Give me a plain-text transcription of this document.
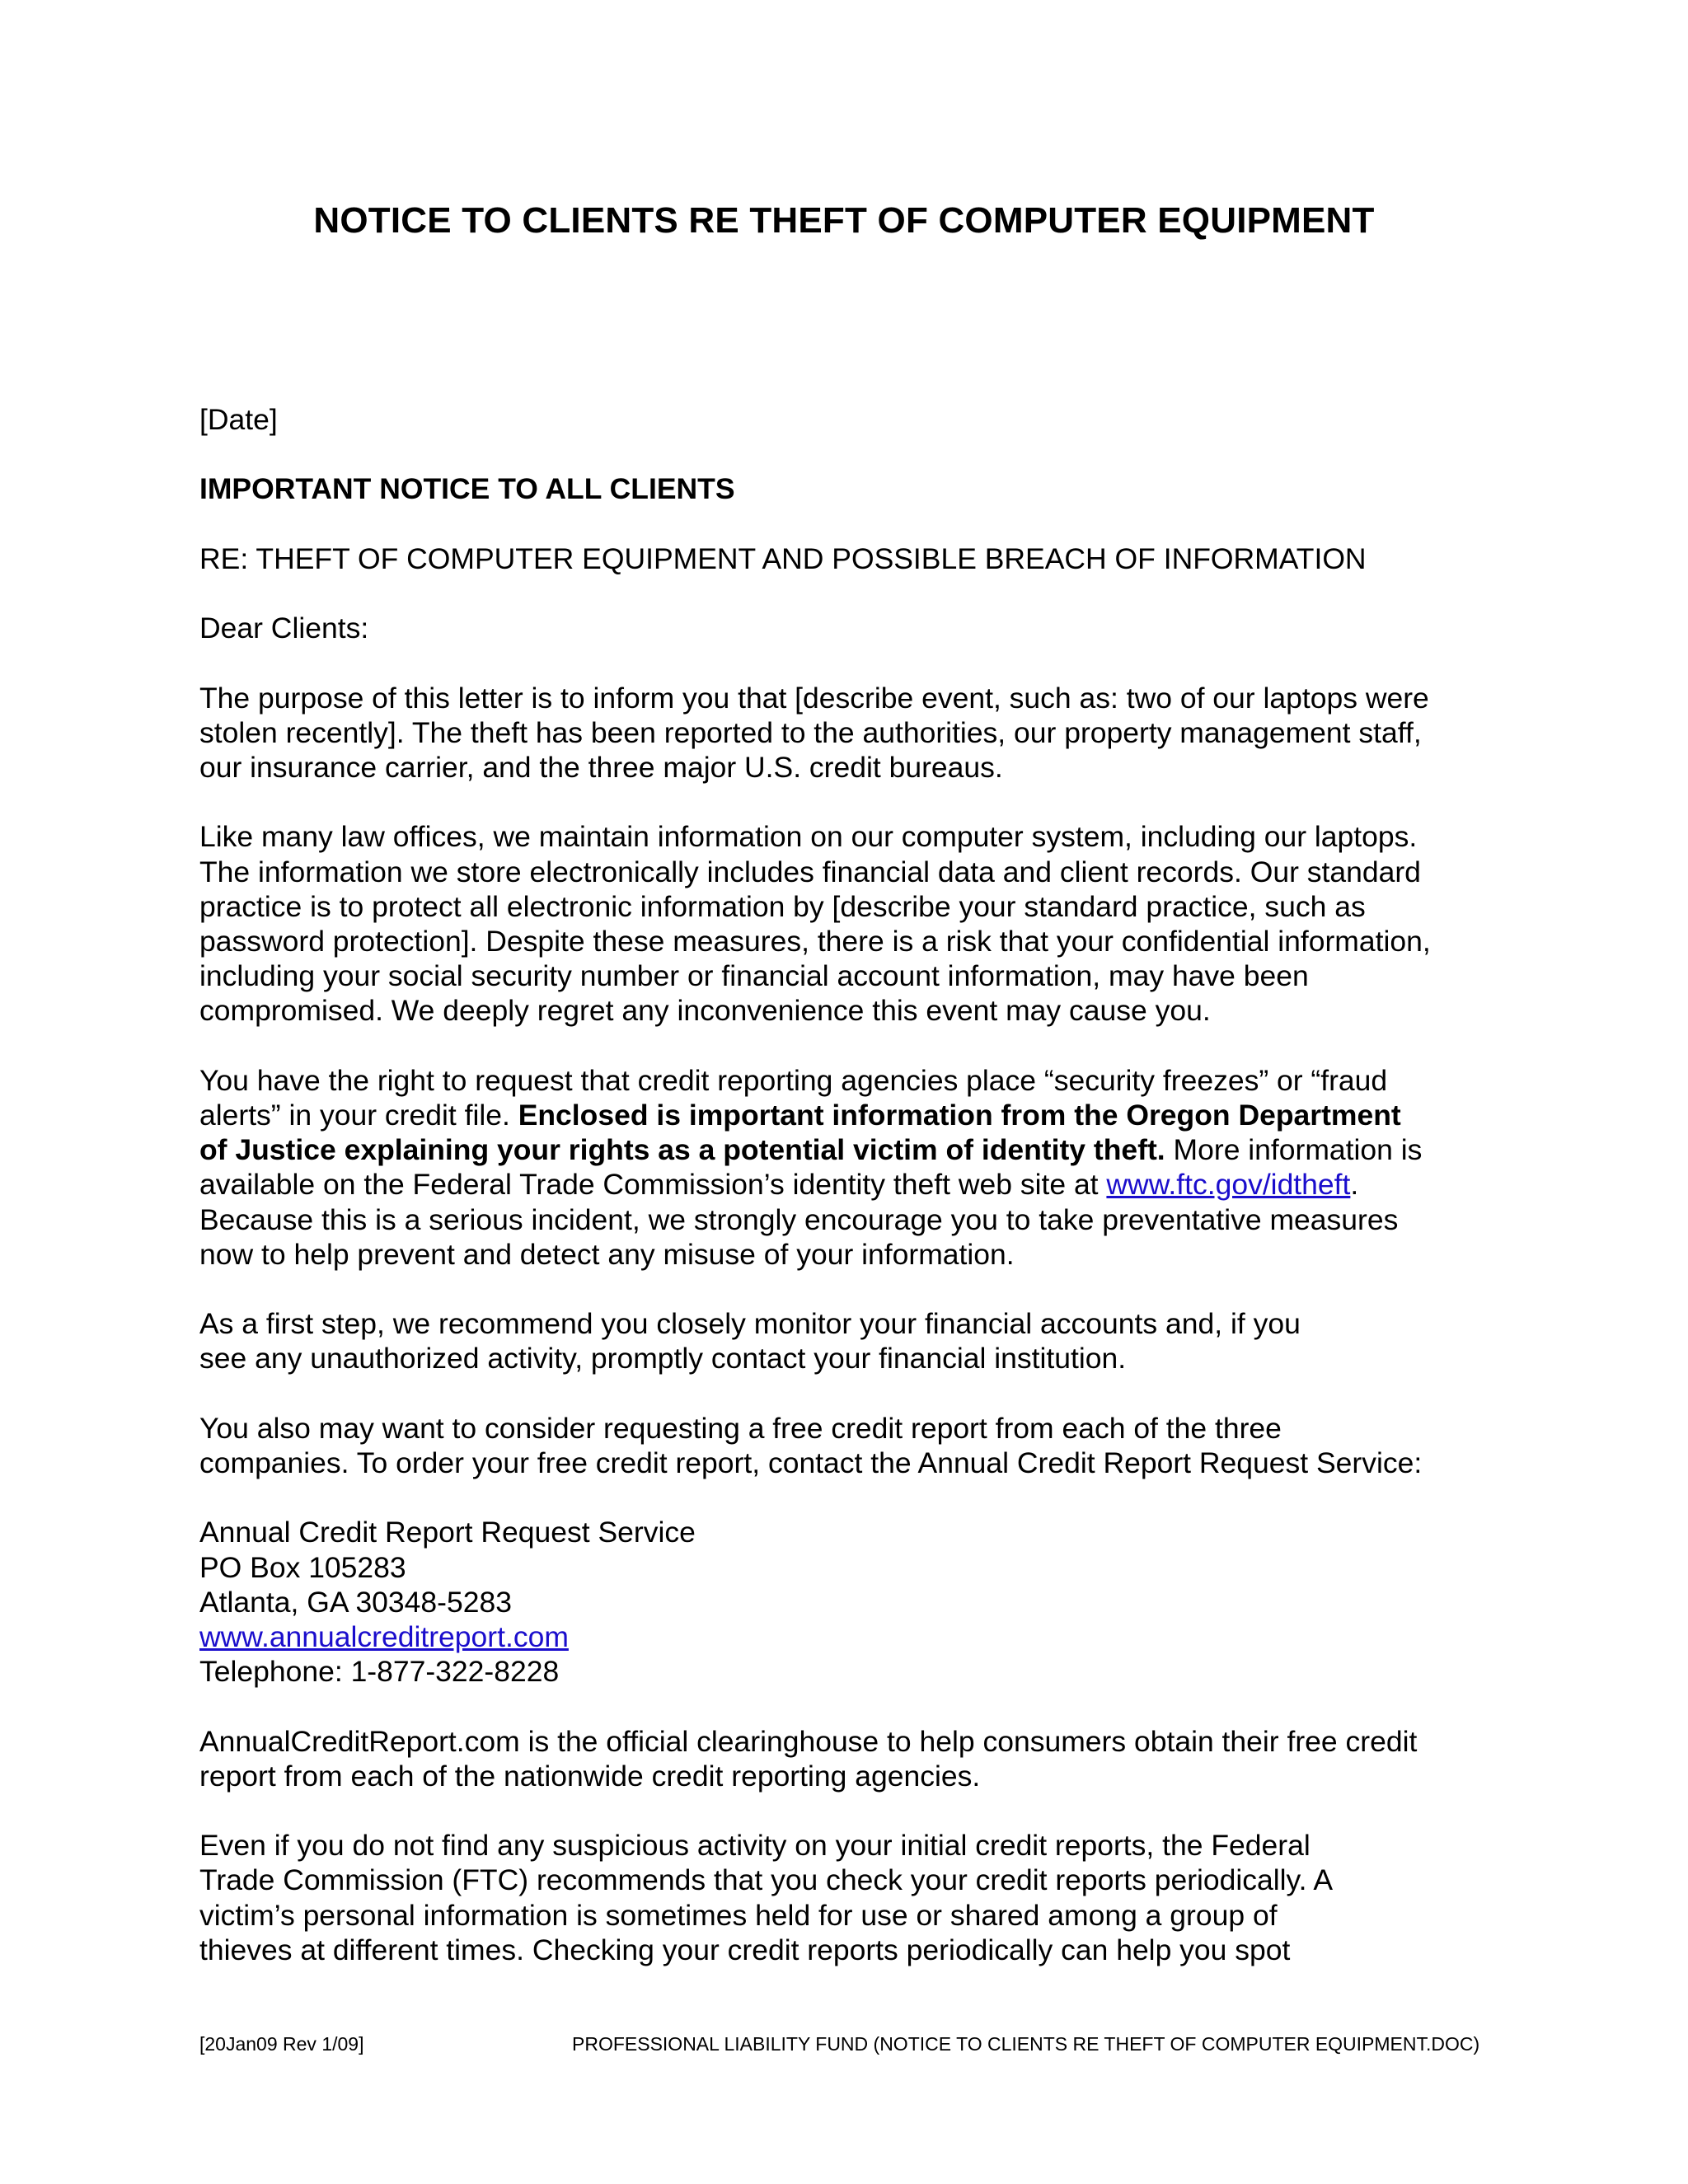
NOTICE TO CLIENTS RE THEFT OF COMPUTER EQUIPMENT

[Date]

IMPORTANT NOTICE TO ALL CLIENTS

RE: THEFT OF COMPUTER EQUIPMENT AND POSSIBLE BREACH OF INFORMATION

Dear Clients:

The purpose of this letter is to inform you that [describe event, such as: two of our laptops were
stolen recently]. The theft has been reported to the authorities, our property management staff,
our insurance carrier, and the three major U.S. credit bureaus.

Like many law offices, we maintain information on our computer system, including our laptops.
The information we store electronically includes financial data and client records. Our standard
practice is to protect all electronic information by [describe your standard practice, such as
password protection]. Despite these measures, there is a risk that your confidential information,
including your social security number or financial account information, may have been
compromised. We deeply regret any inconvenience this event may cause you.

You have the right to request that credit reporting agencies place “security freezes” or “fraud
alerts” in your credit file. Enclosed is important information from the Oregon Department
of Justice explaining your rights as a potential victim of identity theft. More information is
available on the Federal Trade Commission’s identity theft web site at www.ftc.gov/idtheft.
Because this is a serious incident, we strongly encourage you to take preventative measures
now to help prevent and detect any misuse of your information.

As a first step, we recommend you closely monitor your financial accounts and, if you
see any unauthorized activity, promptly contact your financial institution.

You also may want to consider requesting a free credit report from each of the three
companies. To order your free credit report, contact the Annual Credit Report Request Service:

Annual Credit Report Request Service
PO Box 105283
Atlanta, GA 30348-5283
www.annualcreditreport.com
Telephone: 1-877-322-8228

AnnualCreditReport.com is the official clearinghouse to help consumers obtain their free credit
report from each of the nationwide credit reporting agencies.

Even if you do not find any suspicious activity on your initial credit reports, the Federal
Trade Commission (FTC) recommends that you check your credit reports periodically. A
victim’s personal information is sometimes held for use or shared among a group of
thieves at different times. Checking your credit reports periodically can help you spot

[20Jan09 Rev 1/09]	PROFESSIONAL LIABILITY FUND (NOTICE TO CLIENTS RE THEFT OF COMPUTER EQUIPMENT.DOC)
